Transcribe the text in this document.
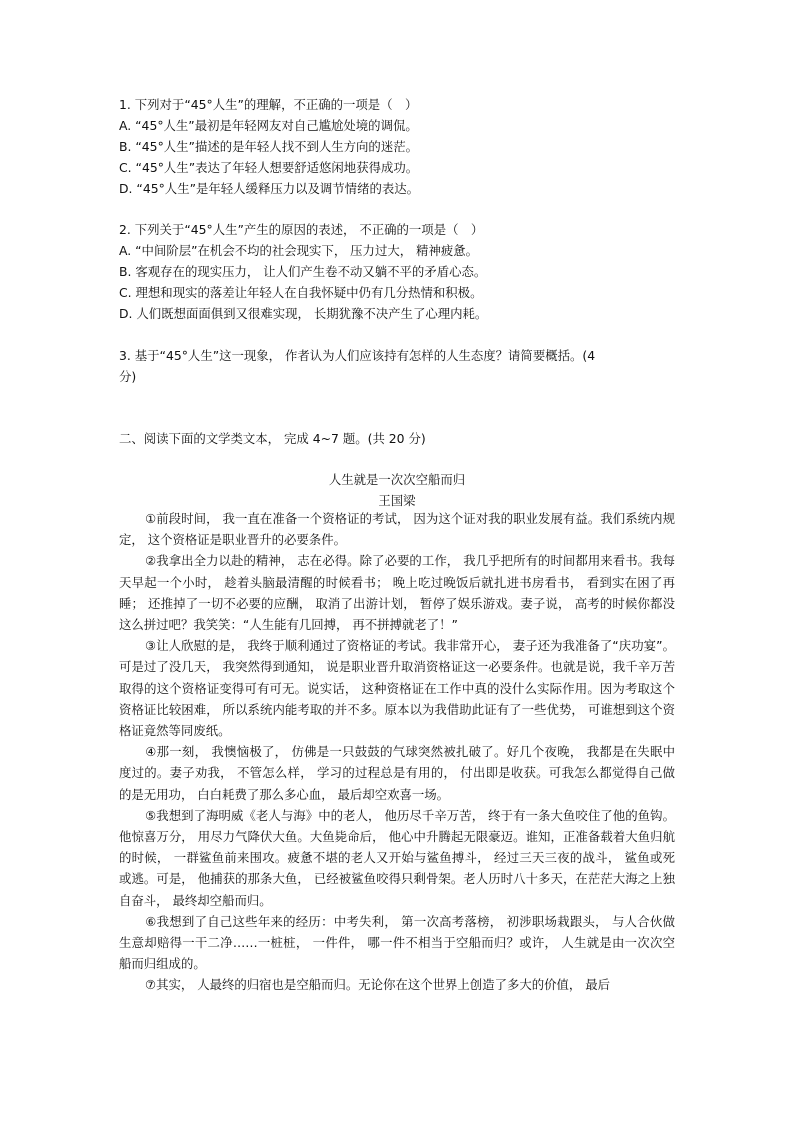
1. 下列对于“45°人生”的理解，不正确的一项是（　）
A. “45°人生”最初是年轻网友对自己尴尬处境的调侃。
B. “45°人生”描述的是年轻人找不到人生方向的迷茫。
C. “45°人生”表达了年轻人想要舒适悠闲地获得成功。
D. “45°人生”是年轻人缓释压力以及调节情绪的表达。
2. 下列关于“45°人生”产生的原因的表述， 不正确的一项是（　）
A. “中间阶层”在机会不均的社会现实下， 压力过大， 精神疲惫。
B. 客观存在的现实压力， 让人们产生卷不动又躺不平的矛盾心态。
C. 理想和现实的落差让年轻人在自我怀疑中仍有几分热情和积极。
D. 人们既想面面俱到又很难实现， 长期犹豫不决产生了心理内耗。
3. 基于“45°人生”这一现象， 作者认为人们应该持有怎样的人生态度？请简要概括。(4
分)
二、阅读下面的文学类文本， 完成 4~7 题。(共 20 分)
人生就是一次次空船而归
王国梁
①前段时间， 我一直在准备一个资格证的考试， 因为这个证对我的职业发展有益。我们系统内规定， 这个资格证是职业晋升的必要条件。
②我拿出全力以赴的精神， 志在必得。除了必要的工作， 我几乎把所有的时间都用来看书。我每天早起一个小时， 趁着头脑最清醒的时候看书； 晚上吃过晚饭后就扎进书房看书， 看到实在困了再睡； 还推掉了一切不必要的应酬， 取消了出游计划， 暂停了娱乐游戏。妻子说， 高考的时候你都没这么拼过吧？我笑笑：“人生能有几回搏， 再不拼搏就老了！”
③让人欣慰的是， 我终于顺利通过了资格证的考试。我非常开心， 妻子还为我准备了“庆功宴”。可是过了没几天， 我突然得到通知， 说是职业晋升取消资格证这一必要条件。也就是说，我千辛万苦取得的这个资格证变得可有可无。说实话， 这种资格证在工作中真的没什么实际作用。因为考取这个资格证比较困难， 所以系统内能考取的并不多。原本以为我借助此证有了一些优势， 可谁想到这个资格证竟然等同废纸。
④那一刻， 我懊恼极了， 仿佛是一只鼓鼓的气球突然被扎破了。好几个夜晚， 我都是在失眠中度过的。妻子劝我， 不管怎么样， 学习的过程总是有用的， 付出即是收获。可我怎么都觉得自己做的是无用功， 白白耗费了那么多心血， 最后却空欢喜一场。
⑤我想到了海明威《老人与海》中的老人， 他历尽千辛万苦， 终于有一条大鱼咬住了他的鱼钩。他惊喜万分， 用尽力气降伏大鱼。大鱼毙命后， 他心中升腾起无限豪迈。谁知，正准备载着大鱼归航的时候， 一群鲨鱼前来围攻。疲惫不堪的老人又开始与鲨鱼搏斗， 经过三天三夜的战斗， 鲨鱼或死或逃。可是， 他捕获的那条大鱼， 已经被鲨鱼咬得只剩骨架。老人历时八十多天，在茫茫大海之上独自奋斗， 最终却空船而归。
⑥我想到了自己这些年来的经历：中考失利， 第一次高考落榜， 初涉职场栽跟头， 与人合伙做生意却赔得一干二净……一桩桩， 一件件， 哪一件不相当于空船而归？或许， 人生就是由一次次空船而归组成的。
⑦其实， 人最终的归宿也是空船而归。无论你在这个世界上创造了多大的价值， 最后
